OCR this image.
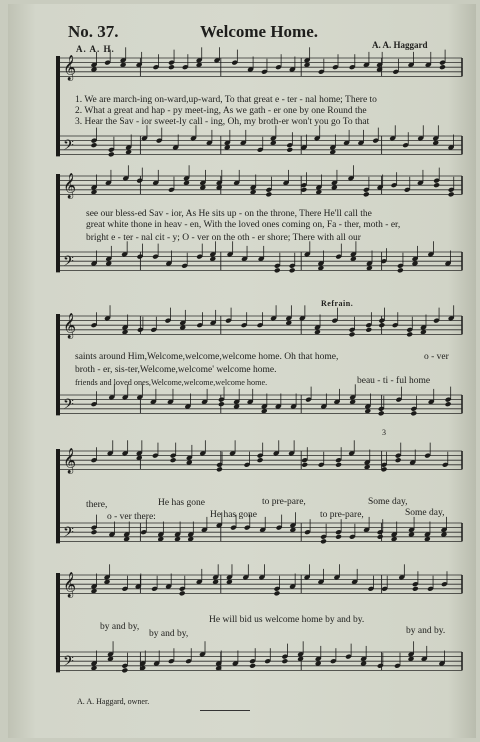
𝄞
𝄢
𝄞
𝄢
𝄞
𝄢
𝄞
𝄢
𝄞
𝄢
No. 37.	Welcome Home.
A. A. H.	A. A. Haggard
1. We are march-ing on-ward,up-ward, To that great e - ter - nal home; There to
2. What a great and hap - py meet-ing, As we gath - er one by one Round the
3. Hear the Sav - ior sweet-ly call - ing, Oh, my broth-er won't you go To that
see our bless-ed Sav - ior, As He sits up - on the throne, There He'll call the
great white thone in heav - en, With the loved ones coming on, Fa - ther, moth - er,
bright e - ter - nal cit - y; O - ver on the oth - er shore; There with all our
Refrain.
saints around Him,Welcome,welcome,welcome home. Oh that home,
broth - er, sis-ter,Welcome,welcome' welcome home.
friends and loved ones,Welcome,welcome,welcome home.
o - ver
beau - ti - ful home
3
there,	He has gone	to pre-pare,	Some day,
o - ver there:	He has gone	to pre-pare,	Some day,
by and by,
He will bid us welcome home by and by.
by and by,	by and by.
A. A. Haggard, owner.
